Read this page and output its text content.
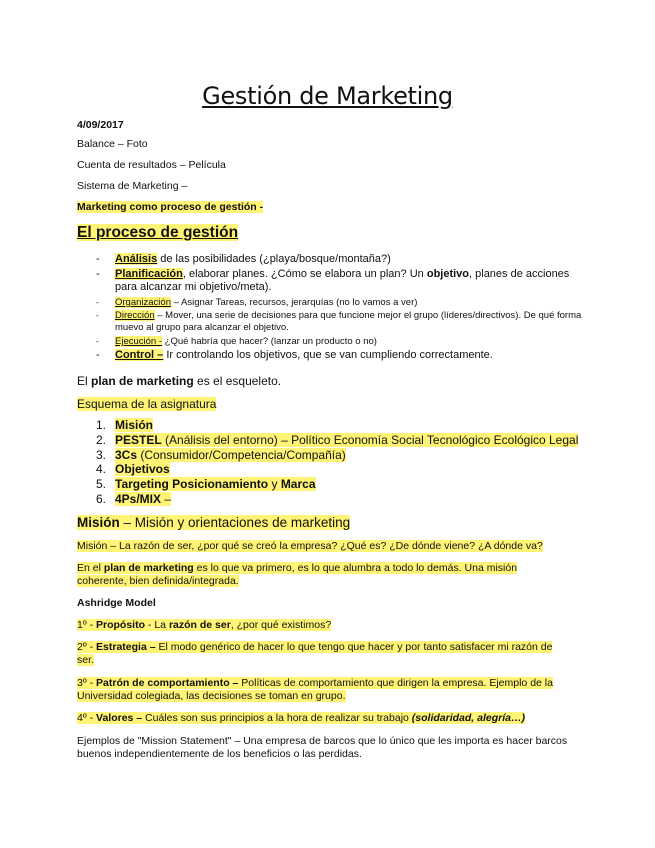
Gestión de Marketing
4/09/2017
Balance – Foto
Cuenta de resultados – Película
Sistema de Marketing –
Marketing como proceso de gestión -
El proceso de gestión
- Análisis de las posibilidades (¿playa/bosque/montaña?)
- Planificación, elaborar planes. ¿Cómo se elabora un plan? Un objetivo, planes de acciones para alcanzar mi objetivo/meta).
- Organización – Asignar Tareas, recursos, jerarquías (no lo vamos a ver)
- Dirección – Mover, una serie de decisiones para que funcione mejor el grupo (líderes/directivos). De qué forma muevo al grupo para alcanzar el objetivo.
- Ejecución - ¿Qué habría que hacer? (lanzar un producto o no)
- Control – Ir controlando los objetivos, que se van cumpliendo correctamente.
El plan de marketing es el esqueleto.
Esquema de la asignatura
1. Misión
2. PESTEL (Análisis del entorno) – Político Economía Social Tecnológico Ecológico Legal
3. 3Cs (Consumidor/Competencia/Compañía)
4. Objetivos
5. Targeting Posicionamiento y Marca
6. 4Ps/MIX –
Misión – Misión y orientaciones de marketing
Misión – La razón de ser, ¿por qué se creó la empresa? ¿Qué es? ¿De dónde viene? ¿A dónde va?
En el plan de marketing es lo que va primero, es lo que alumbra a todo lo demás. Una misión coherente, bien definida/integrada.
Ashridge Model
1º - Propósito - La razón de ser, ¿por qué existimos?
2º - Estrategia – El modo genérico de hacer lo que tengo que hacer y por tanto satisfacer mi razón de ser.
3º - Patrón de comportamiento – Políticas de comportamiento que dirigen la empresa. Ejemplo de la Universidad colegiada, las decisiones se toman en grupo.
4º - Valores – Cuáles son sus principios a la hora de realizar su trabajo (solidaridad, alegría…)
Ejemplos de "Mission Statement" – Una empresa de barcos que lo único que les importa es hacer barcos buenos independientemente de los beneficios o las perdidas.
